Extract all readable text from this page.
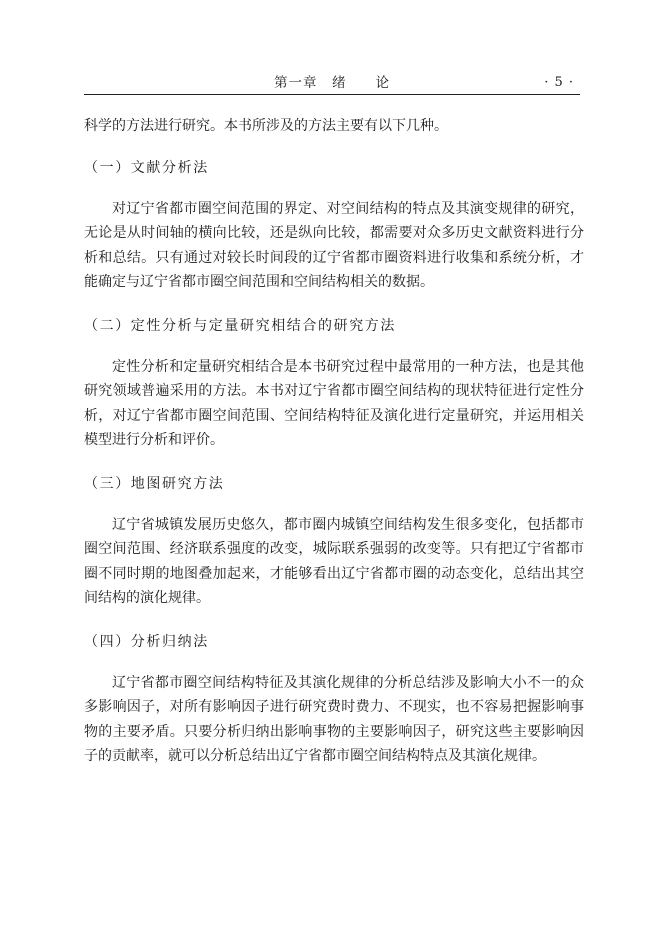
第一章　绪　　论	· 5 ·

科学的方法进行研究。本书所涉及的方法主要有以下几种。

（一）文献分析法

对辽宁省都市圈空间范围的界定、对空间结构的特点及其演变规律的研究，无论是从时间轴的横向比较，还是纵向比较，都需要对众多历史文献资料进行分析和总结。只有通过对较长时间段的辽宁省都市圈资料进行收集和系统分析，才能确定与辽宁省都市圈空间范围和空间结构相关的数据。

（二）定性分析与定量研究相结合的研究方法

定性分析和定量研究相结合是本书研究过程中最常用的一种方法，也是其他研究领域普遍采用的方法。本书对辽宁省都市圈空间结构的现状特征进行定性分析，对辽宁省都市圈空间范围、空间结构特征及演化进行定量研究，并运用相关模型进行分析和评价。

（三）地图研究方法

辽宁省城镇发展历史悠久，都市圈内城镇空间结构发生很多变化，包括都市圈空间范围、经济联系强度的改变，城际联系强弱的改变等。只有把辽宁省都市圈不同时期的地图叠加起来，才能够看出辽宁省都市圈的动态变化，总结出其空间结构的演化规律。

（四）分析归纳法

辽宁省都市圈空间结构特征及其演化规律的分析总结涉及影响大小不一的众多影响因子，对所有影响因子进行研究费时费力、不现实，也不容易把握影响事物的主要矛盾。只要分析归纳出影响事物的主要影响因子，研究这些主要影响因子的贡献率，就可以分析总结出辽宁省都市圈空间结构特点及其演化规律。
